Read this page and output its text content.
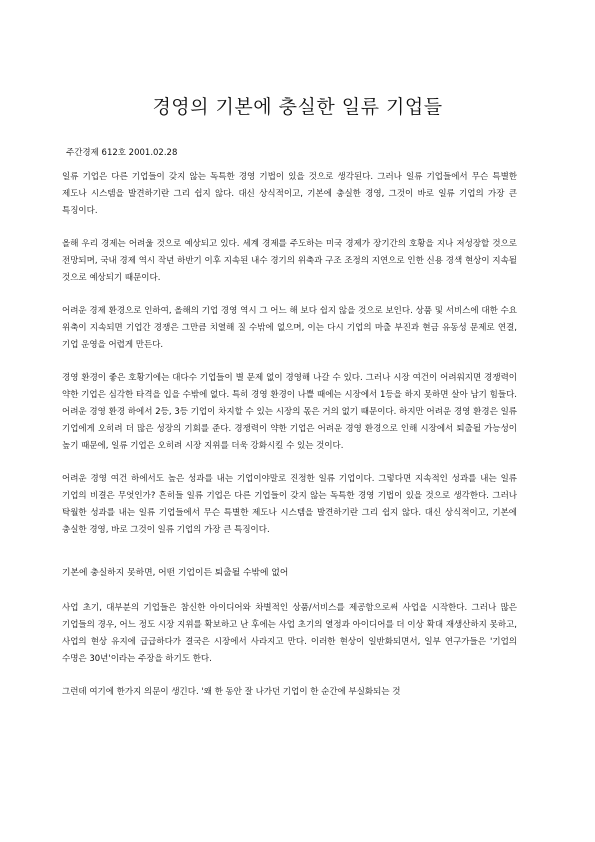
경영의 기본에 충실한 일류 기업들
주간경제 612호 2001.02.28

일류 기업은 다른 기업들이 갖지 않는 독특한 경영 기법이 있을 것으로 생각된다. 그러나 일류 기업들에서 무슨 특별한 제도나 시스템을 발견하기란 그리 쉽지 않다. 대신 상식적이고, 기본에 충실한 경영, 그것이 바로 일류 기업의 가장 큰 특징이다.

올해 우리 경제는 어려울 것으로 예상되고 있다. 세계 경제를 주도하는 미국 경제가 장기간의 호황을 지나 저성장할 것으로 전망되며, 국내 경제 역시 작년 하반기 이후 지속된 내수 경기의 위축과 구조 조정의 지연으로 인한 신용 경색 현상이 지속될 것으로 예상되기 때문이다.

어려운 경제 환경으로 인하여, 올해의 기업 경영 역시 그 어느 해 보다 쉽지 않을 것으로 보인다. 상품 및 서비스에 대한 수요 위축이 지속되면 기업간 경쟁은 그만큼 치열해 질 수밖에 없으며, 이는 다시 기업의 마출 부진과 현금 유동성 문제로 연결, 기업 운영을 어렵게 만든다.

경영 환경이 좋은 호황기에는 대다수 기업들이 별 문제 없이 경영해 나갈 수 있다. 그러나 시장 여건이 어려워지면 경쟁력이 약한 기업은 심각한 타격을 입을 수밖에 없다. 특히 경영 환경이 나쁠 때에는 시장에서 1등을 하지 못하면 살아 남기 힘들다. 어려운 경영 환경 하에서 2등, 3등 기업이 차지할 수 있는 시장의 몫은 거의 없기 때문이다. 하지만 어려운 경영 환경은 일류 기업에게 오히려 더 많은 성장의 기회를 준다. 경쟁력이 약한 기업은 어려운 경영 환경으로 인해 시장에서 퇴출될 가능성이 높기 때문에, 일류 기업은 오히려 시장 지위를 더욱 강화시킬 수 있는 것이다.

어려운 경영 여건 하에서도 높은 성과를 내는 기업이야말로 진정한 일류 기업이다. 그렇다면 지속적인 성과를 내는 일류 기업의 비결은 무엇인가? 흔히들 일류 기업은 다른 기업들이 갖지 않는 독특한 경영 기법이 있을 것으로 생각한다. 그러나 탁월한 성과를 내는 일류 기업들에서 무슨 특별한 제도나 시스템을 발견하기란 그리 쉽지 않다. 대신 상식적이고, 기본에 충실한 경영, 바로 그것이 일류 기업의 가장 큰 특징이다.

기본에 충실하지 못하면, 어떤 기업이든 퇴출될 수밖에 없어

사업 초기, 대부분의 기업들은 참신한 아이디어와 차별적인 상품/서비스를 제공함으로써 사업을 시작한다. 그러나 많은 기업들의 경우, 어느 정도 시장 지위를 확보하고 난 후에는 사업 초기의 열정과 아이디어를 더 이상 확대 재생산하지 못하고, 사업의 현상 유지에 급급하다가 결국은 시장에서 사라지고 만다. 이러한 현상이 일반화되면서, 일부 연구가들은 '기업의 수명은 30년'이라는 주장을 하기도 한다.

그런데 여기에 한가지 의문이 생긴다. '왜 한 동안 잘 나가던 기업이 한 순간에 부실화되는 것
